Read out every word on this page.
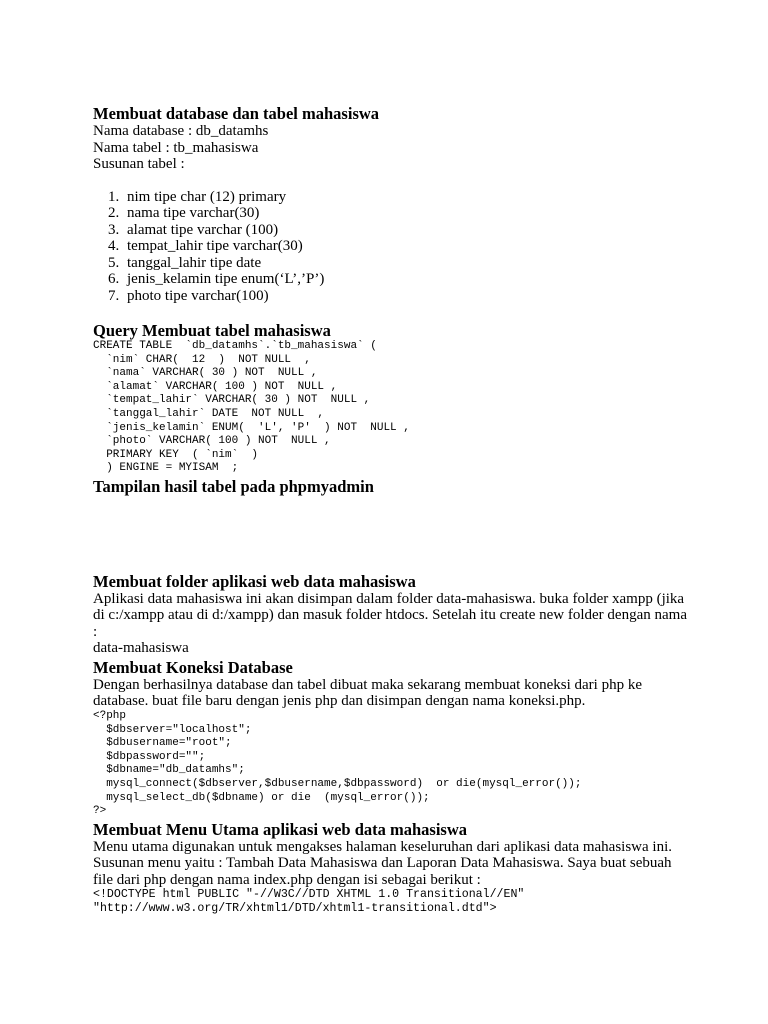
Membuat database dan tabel mahasiswa
Nama database : db_datamhs
Nama tabel : tb_mahasiswa
Susunan tabel :
1. nim tipe char (12) primary
2. nama tipe varchar(30)
3. alamat tipe varchar (100)
4. tempat_lahir tipe varchar(30)
5. tanggal_lahir tipe date
6. jenis_kelamin tipe enum(‘L’,’P’)
7. photo tipe varchar(100)
Query Membuat tabel mahasiswa
CREATE TABLE  `db_datamhs`.`tb_mahasiswa` (
`nim` CHAR(  12  )  NOT NULL  ,
`nama` VARCHAR( 30 ) NOT  NULL ,
`alamat` VARCHAR( 100 ) NOT  NULL ,
`tempat_lahir` VARCHAR( 30 ) NOT  NULL ,
`tanggal_lahir` DATE  NOT NULL  ,
`jenis_kelamin` ENUM(  'L', 'P'  ) NOT  NULL ,
`photo` VARCHAR( 100 ) NOT  NULL ,
PRIMARY KEY  ( `nim`  )
) ENGINE = MYISAM  ;
Tampilan hasil tabel pada phpmyadmin
Membuat folder aplikasi web data mahasiswa

Aplikasi data mahasiswa ini akan disimpan dalam folder data-mahasiswa. buka folder xampp (jika di c:/xampp atau di d:/xampp) dan masuk folder htdocs. Setelah itu create new folder dengan nama :

data-mahasiswa
Membuat Koneksi Database

Dengan berhasilnya database dan tabel dibuat maka sekarang membuat koneksi dari php ke database. buat file baru dengan jenis php dan disimpan dengan nama koneksi.php.

<?php
$dbserver="localhost";
$dbusername="root";
$dbpassword="";
$dbname="db_datamhs";
mysql_connect($dbserver,$dbusername,$dbpassword)  or die(mysql_error());
mysql_select_db($dbname) or die  (mysql_error());
?>
Membuat Menu Utama aplikasi web data mahasiswa

Menu utama digunakan untuk mengakses halaman keseluruhan dari aplikasi data mahasiswa ini. Susunan menu yaitu : Tambah Data Mahasiswa dan Laporan Data Mahasiswa. Saya buat sebuah file dari php dengan nama index.php dengan isi sebagai berikut :

<!DOCTYPE html PUBLIC "-//W3C//DTD XHTML 1.0 Transitional//EN"
"http://www.w3.org/TR/xhtml1/DTD/xhtml1-transitional.dtd">
